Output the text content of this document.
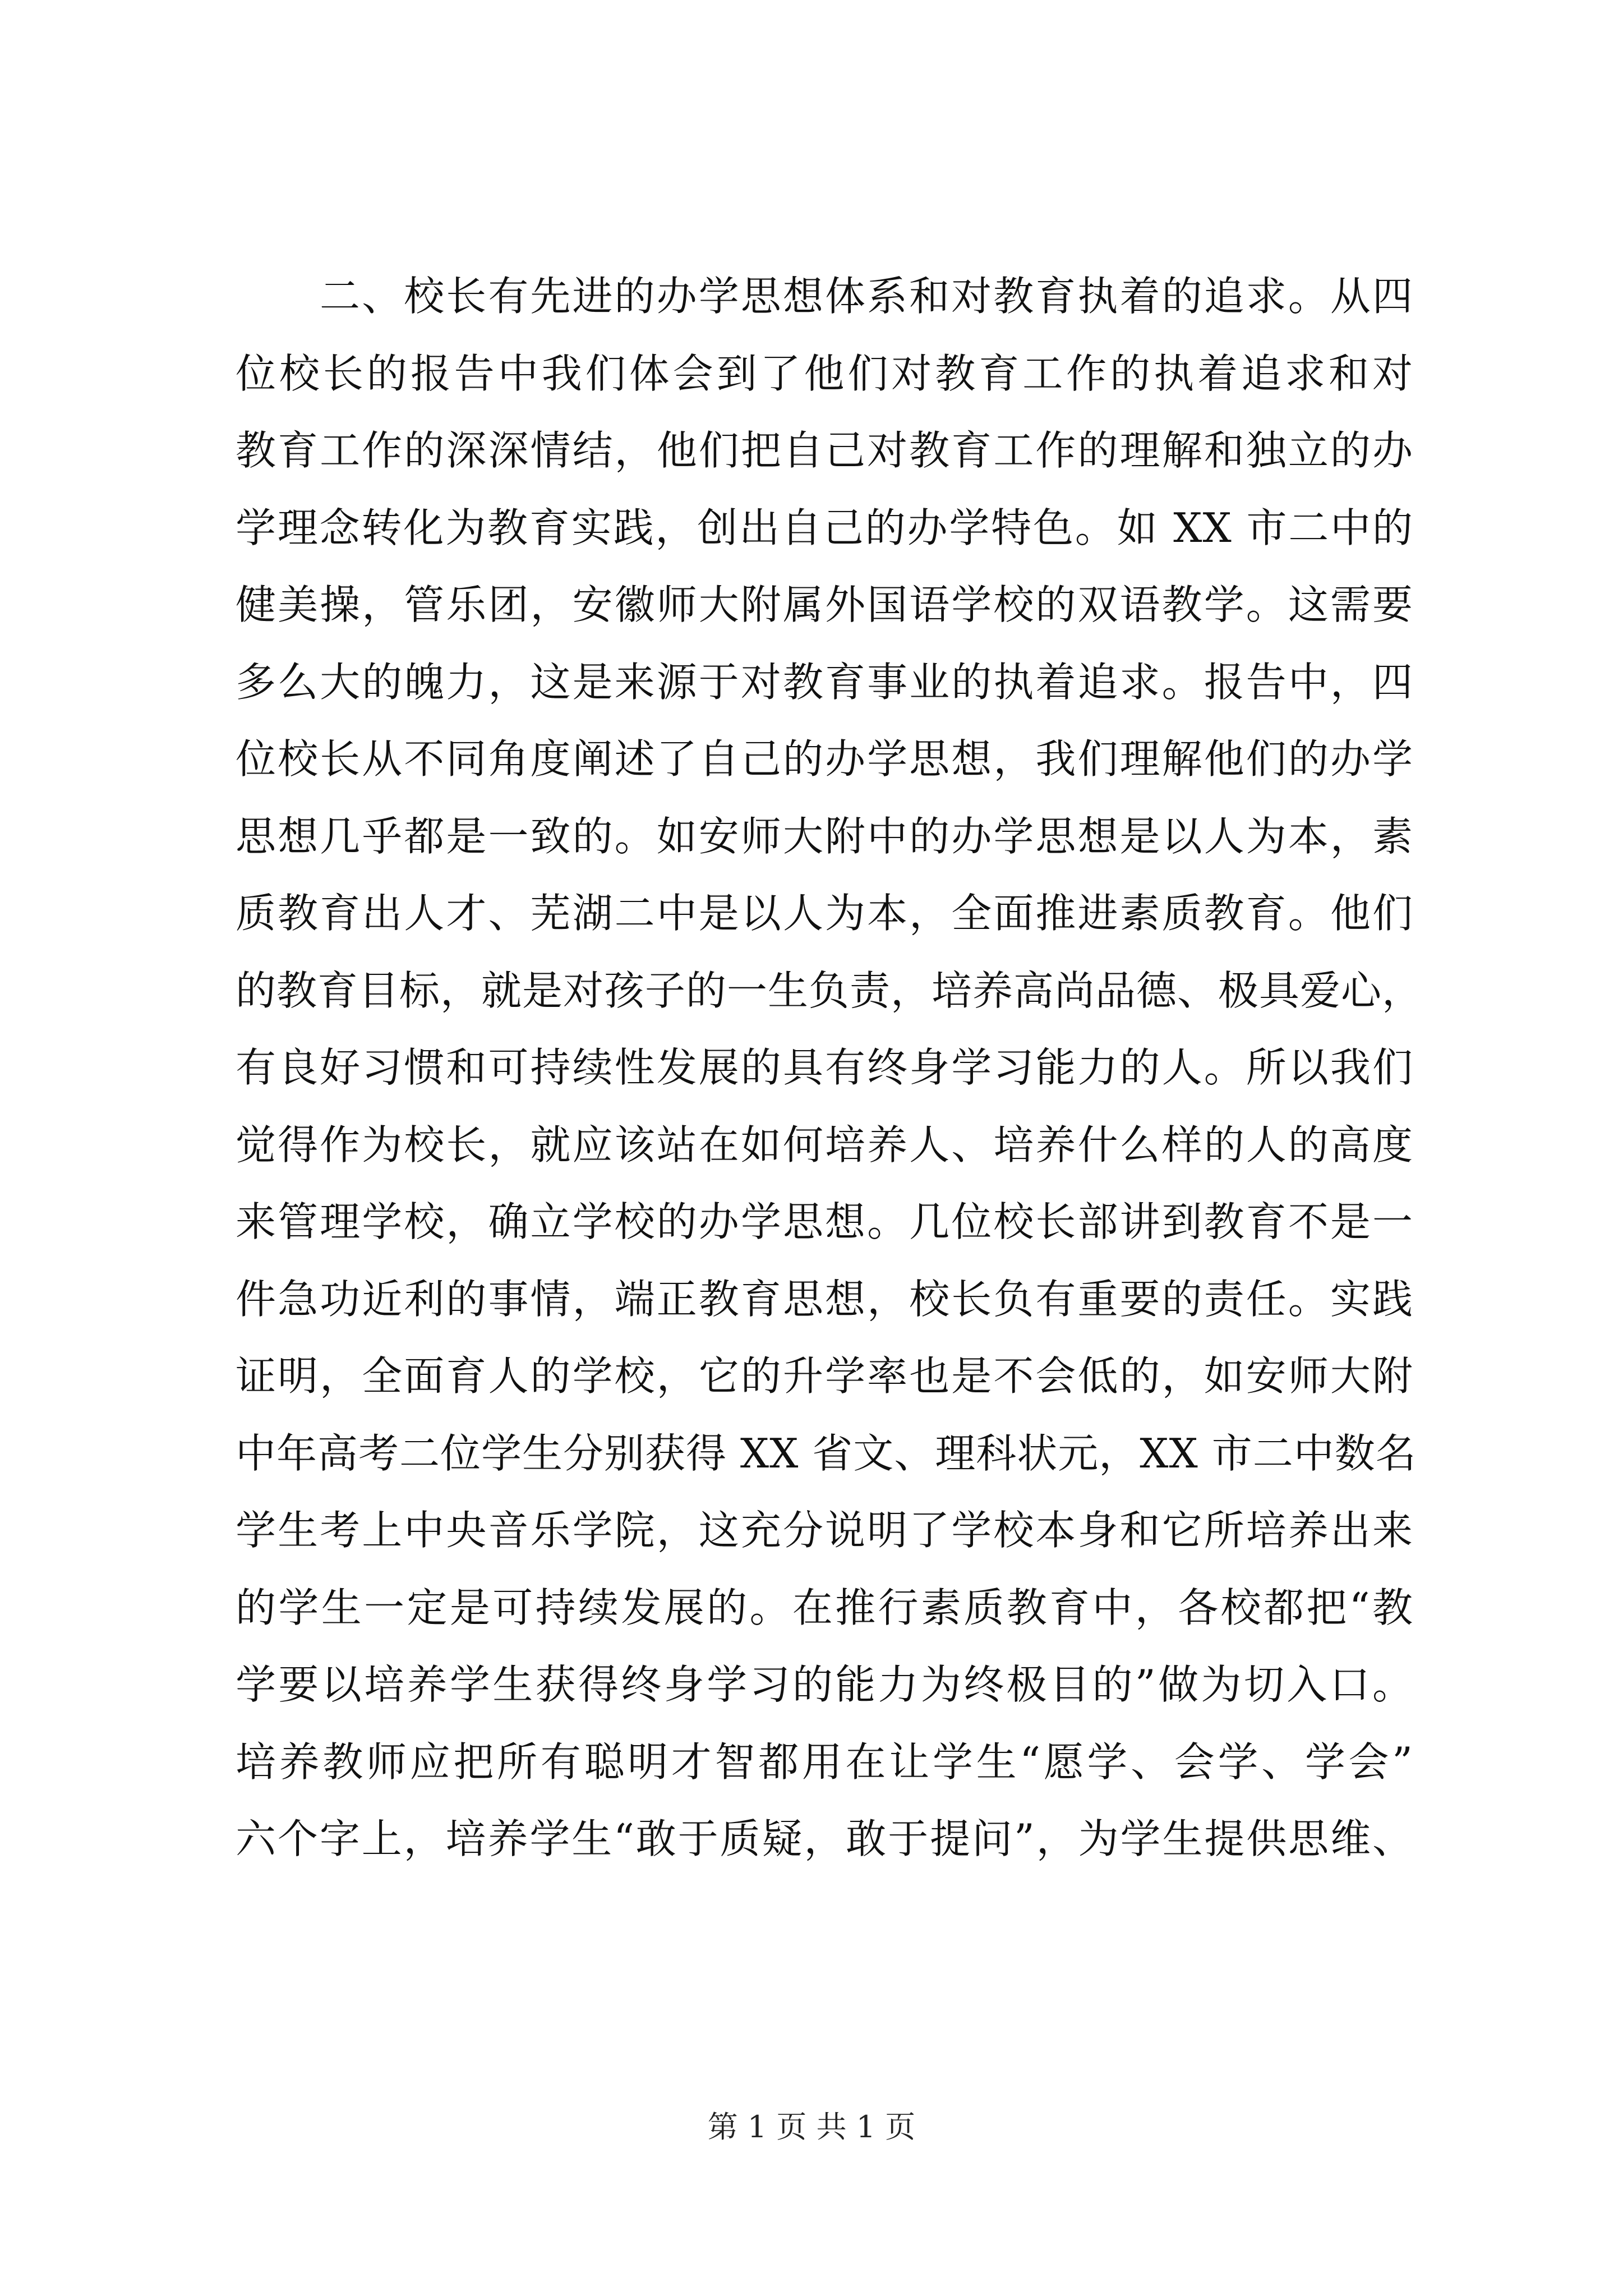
二、校长有先进的办学思想体系和对教育执着的追求。从四
位校长的报告中我们体会到了他们对教育工作的执着追求和对
教育工作的深深情结，他们把自己对教育工作的理解和独立的办
学理念转化为教育实践，创出自己的办学特色。如 XX 市二中的
健美操，管乐团，安徽师大附属外国语学校的双语教学。这需要
多么大的魄力，这是来源于对教育事业的执着追求。报告中，四
位校长从不同角度阐述了自己的办学思想，我们理解他们的办学
思想几乎都是一致的。如安师大附中的办学思想是以人为本，素
质教育出人才、芜湖二中是以人为本，全面推进素质教育。他们
的教育目标，就是对孩子的一生负责，培养高尚品德、极具爱心，
有良好习惯和可持续性发展的具有终身学习能力的人。所以我们
觉得作为校长，就应该站在如何培养人、培养什么样的人的高度
来管理学校，确立学校的办学思想。几位校长部讲到教育不是一
件急功近利的事情，端正教育思想，校长负有重要的责任。实践
证明，全面育人的学校，它的升学率也是不会低的，如安师大附
中年高考二位学生分别获得 XX 省文、理科状元，XX 市二中数名
学生考上中央音乐学院，这充分说明了学校本身和它所培养出来
的学生一定是可持续发展的。在推行素质教育中，各校都把“教
学要以培养学生获得终身学习的能力为终极目的”做为切入口。
培养教师应把所有聪明才智都用在让学生“愿学、会学、学会”
六个字上，培养学生“敢于质疑，敢于提问”，为学生提供思维、
第 1 页 共 1 页
